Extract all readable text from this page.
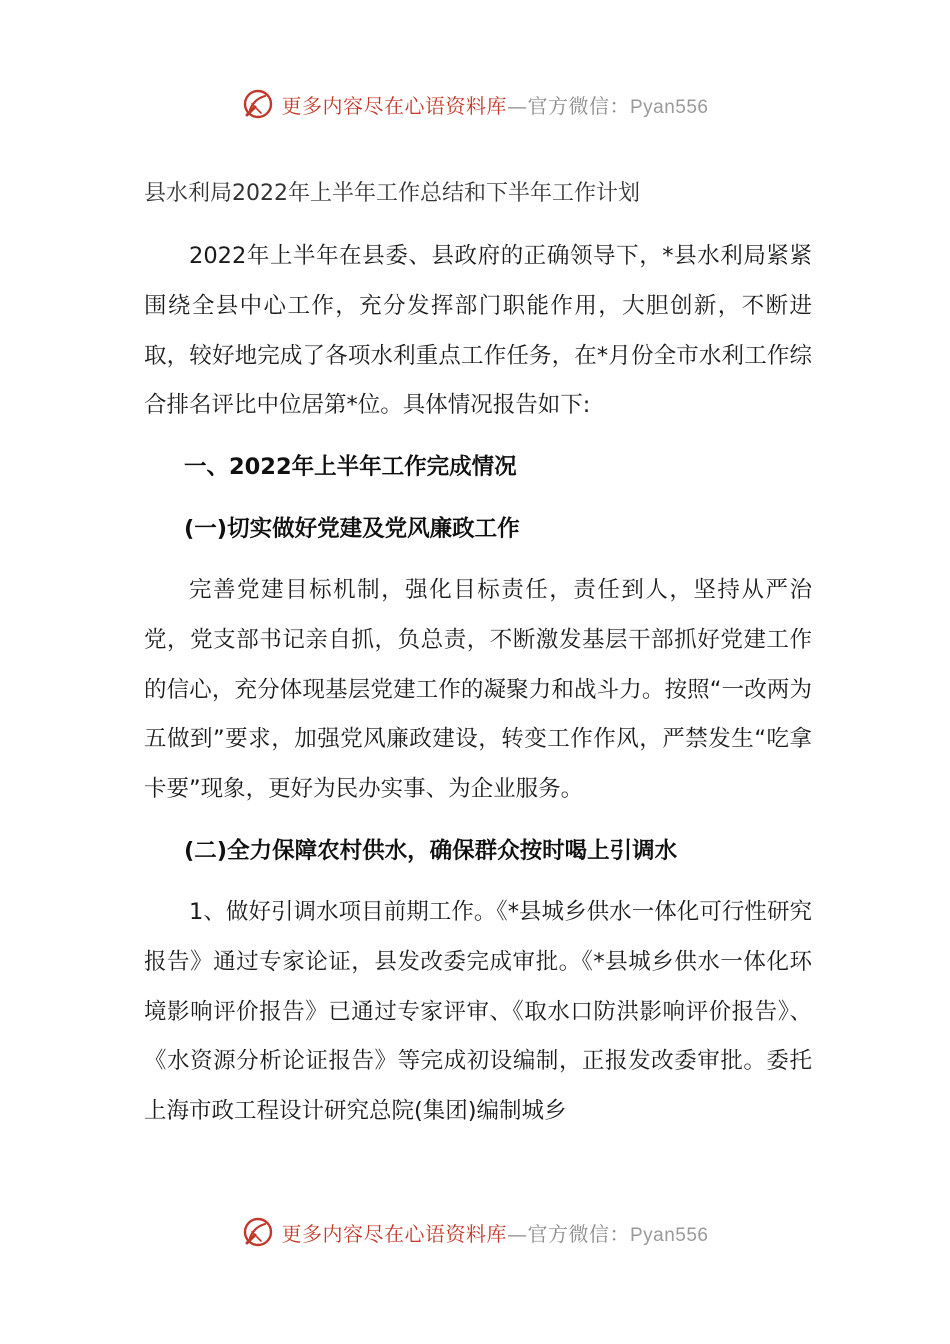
更多内容尽在心语资料库—官方微信：Pyan556
县水利局2022年上半年工作总结和下半年工作计划

2022年上半年在县委、县政府的正确领导下，*县水利局紧紧围绕全县中心工作，充分发挥部门职能作用，大胆创新，不断进取，较好地完成了各项水利重点工作任务，在*月份全市水利工作综合排名评比中位居第*位。具体情况报告如下:

一、2022年上半年工作完成情况
(一)切实做好党建及党风廉政工作

完善党建目标机制，强化目标责任，责任到人，坚持从严治党，党支部书记亲自抓，负总责，不断激发基层干部抓好党建工作的信心，充分体现基层党建工作的凝聚力和战斗力。按照“一改两为五做到”要求，加强党风廉政建设，转变工作作风，严禁发生“吃拿卡要”现象，更好为民办实事、为企业服务。

(二)全力保障农村供水，确保群众按时喝上引调水

1、做好引调水项目前期工作。《*县城乡供水一体化可行性研究报告》通过专家论证，县发改委完成审批。《*县城乡供水一体化环境影响评价报告》已通过专家评审、《取水口防洪影响评价报告》、《水资源分析论证报告》等完成初设编制，正报发改委审批。委托上海市政工程设计研究总院(集团)编制城乡

更多内容尽在心语资料库—官方微信：Pyan556
